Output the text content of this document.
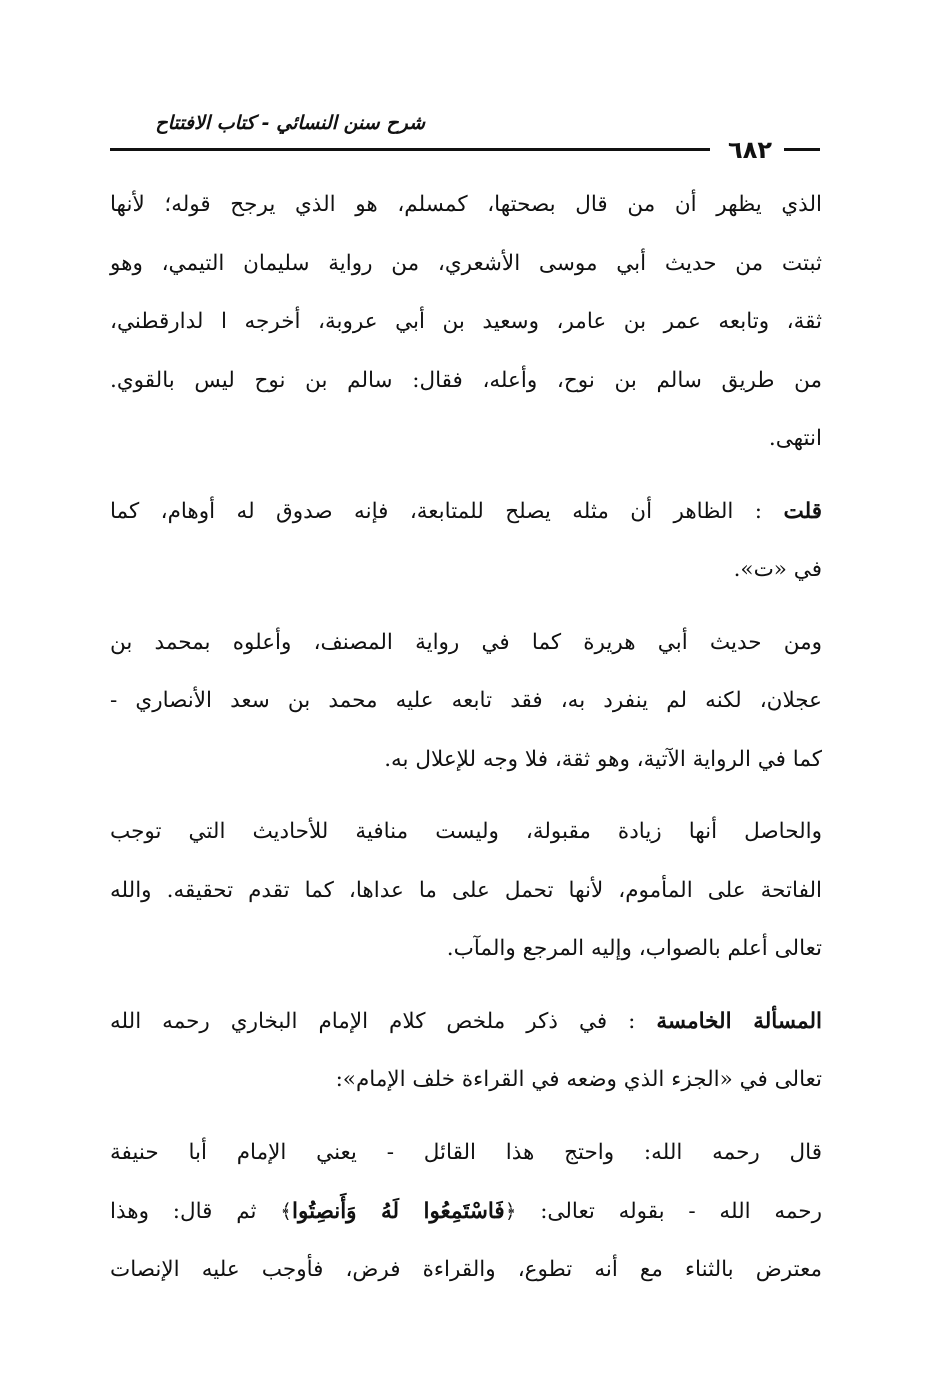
شرح سنن النسائي - كتاب الافتتاح
٦٨٢
الذي يظهر أن من قال بصحتها، كمسلم، هو الذي يرجح قوله؛ لأنها
ثبتت من حديث أبي موسى الأشعري، من رواية سليمان التيمي، وهو
ثقة، وتابعه عمر بن عامر، وسعيد بن أبي عروبة، أخرجه ا لدارقطني،
من طريق سالم بن نوح، وأعله، فقال: سالم بن نوح ليس بالقوي.
انتهى.
قلت : الظاهر أن مثله يصلح للمتابعة، فإنه صدوق له أوهام، كما
في «ت».
ومن حديث أبي هريرة كما في رواية المصنف، وأعلوه بمحمد بن
عجلان، لكنه لم ينفرد به، فقد تابعه عليه محمد بن سعد الأنصاري -
كما في الرواية الآتية، وهو ثقة، فلا وجه للإعلال به.
والحاصل أنها زيادة مقبولة، وليست منافية للأحاديث التي توجب
الفاتحة على المأموم، لأنها تحمل على ما عداها، كما تقدم تحقيقه. والله
تعالى أعلم بالصواب، وإليه المرجع والمآب.
المسألة الخامسة : في ذكر ملخص كلام الإمام البخاري رحمه الله
تعالى في «الجزء الذي وضعه في القراءة خلف الإمام»:
قال رحمه الله: واحتج هذا القائل - يعني الإمام أبا حنيفة
رحمه الله - بقوله تعالى: ﴿فَاسْتَمِعُوا لَهُ وَأَنصِتُوا﴾ ثم قال: وهذا
معترض بالثناء مع أنه تطوع، والقراءة فرض، فأوجب عليه الإنصات
